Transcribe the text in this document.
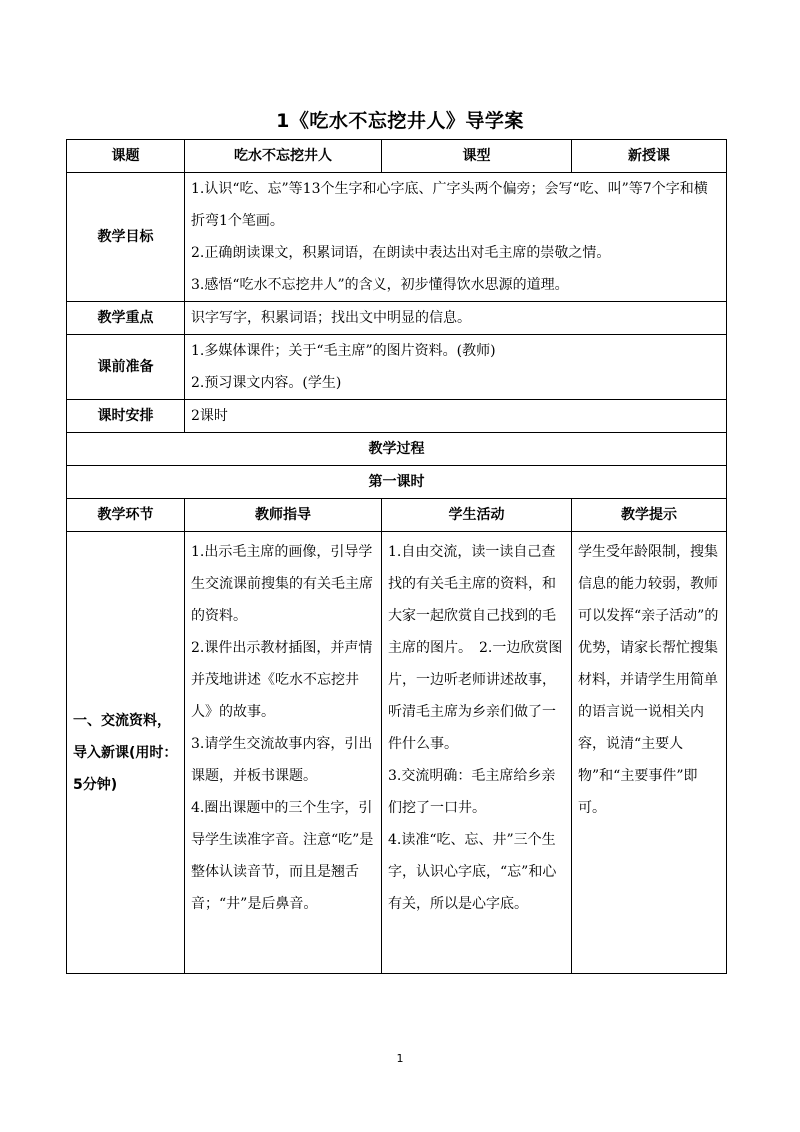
1《吃水不忘挖井人》导学案
课题	吃水不忘挖井人	课型	新授课
教学目标	1.认识“吃、忘”等13个生字和心字底、广字头两个偏旁；会写“吃、叫”等7个字和横折弯1个笔画。
2.正确朗读课文，积累词语，在朗读中表达出对毛主席的崇敬之情。
3.感悟“吃水不忘挖井人”的含义，初步懂得饮水思源的道理。		

教学重点	识字写字，积累词语；找出文中明显的信息。		
课前准备	1.多媒体课件；关于“毛主席”的图片资料。(教师)
2.预习课文内容。(学生)		

课时安排	2课时		
教学过程			
第一课时			
教学环节	教师指导	学生活动	教学提示
一、交流资料，导入新课(用时：5分钟)	1.出示毛主席的画像，引导学生交流课前搜集的有关毛主席的资料。
2.课件出示教材插图，并声情并茂地讲述《吃水不忘挖井人》的故事。
3.请学生交流故事内容，引出课题，并板书课题。
4.圈出课题中的三个生字，引导学生读准字音。注意“吃”是整体认读音节，而且是翘舌音；“井”是后鼻音。	1.自由交流，读一读自己查找的有关毛主席的资料，和大家一起欣赏自己找到的毛主席的图片。　2.一边欣赏图片，一边听老师讲述故事，听清毛主席为乡亲们做了一件什么事。
3.交流明确：毛主席给乡亲们挖了一口井。
4.读准“吃、忘、井”三个生字，认识心字底，“忘”和心有关，所以是心字底。	学生受年龄限制，搜集信息的能力较弱，教师可以发挥“亲子活动”的优势，请家长帮忙搜集材料，并请学生用简单的语言说一说相关内容，说清“主要人物”和“主要事件”即可。
1
